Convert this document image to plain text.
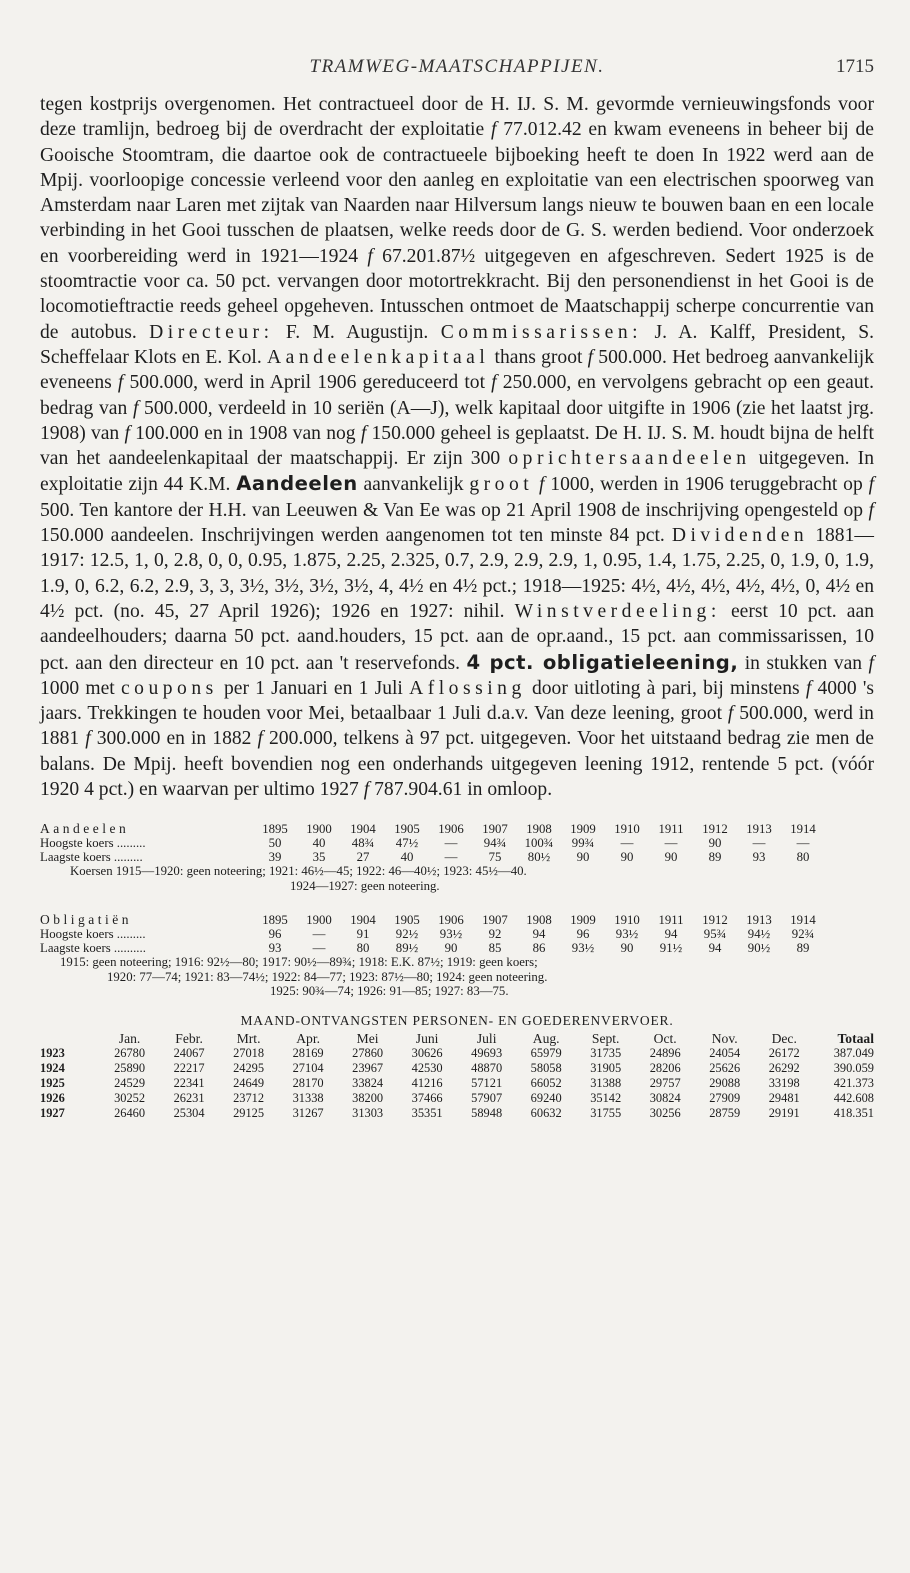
TRAMWEG-MAATSCHAPPIJEN.	1715
tegen kostprijs overgenomen. Het contractueel door de H. IJ. S. M. gevormde vernieuwingsfonds voor deze tramlijn, bedroeg bij de overdracht der exploitatie f 77.012.42 en kwam eveneens in beheer bij de Gooische Stoomtram, die daartoe ook de contractueele bijboeking heeft te doen In 1922 werd aan de Mpij. voorloopige concessie verleend voor den aanleg en exploitatie van een electrischen spoorweg van Amsterdam naar Laren met zijtak van Naarden naar Hilversum langs nieuw te bouwen baan en een locale verbinding in het Gooi tusschen de plaatsen, welke reeds door de G. S. werden bediend. Voor onderzoek en voorbereiding werd in 1921—1924 f 67.201.87½ uitgegeven en afgeschreven. Sedert 1925 is de stoomtractie voor ca. 50 pct. vervangen door motortrekkracht. Bij den personendienst in het Gooi is de locomotieftractie reeds geheel opgeheven. Intusschen ontmoet de Maatschappij scherpe concurrentie van de autobus. Directeur: F. M. Augustijn. Commissarissen: J. A. Kalff, President, S. Scheffelaar Klots en E. Kol. Aandeelenkapitaal thans groot f 500.000. Het bedroeg aanvankelijk eveneens f 500.000, werd in April 1906 gereduceerd tot f 250.000, en vervolgens gebracht op een geaut. bedrag van f 500.000, verdeeld in 10 seriën (A—J), welk kapitaal door uitgifte in 1906 (zie het laatst jrg. 1908) van f 100.000 en in 1908 van nog f 150.000 geheel is geplaatst. De H. IJ. S. M. houdt bijna de helft van het aandeelenkapitaal der maatschappij. Er zijn 300 oprichtersaandeelen uitgegeven. In exploitatie zijn 44 K.M. Aandeelen aanvankelijk groot f 1000, werden in 1906 teruggebracht op f 500. Ten kantore der H.H. van Leeuwen & Van Ee was op 21 April 1908 de inschrijving opengesteld op f 150.000 aandeelen. Inschrijvingen werden aangenomen tot ten minste 84 pct. Dividenden 1881—1917: 12.5, 1, 0, 2.8, 0, 0, 0.95, 1.875, 2.25, 2.325, 0.7, 2.9, 2.9, 2.9, 1, 0.95, 1.4, 1.75, 2.25, 0, 1.9, 0, 1.9, 1.9, 0, 6.2, 6.2, 2.9, 3, 3, 3½, 3½, 3½, 3½, 4, 4½ en 4½ pct.; 1918—1925: 4½, 4½, 4½, 4½, 4½, 0, 4½ en 4½ pct. (no. 45, 27 April 1926); 1926 en 1927: nihil. Winstverdeeling: eerst 10 pct. aan aandeelhouders; daarna 50 pct. aand.houders, 15 pct. aan de opr.aand., 15 pct. aan commissarissen, 10 pct. aan den directeur en 10 pct. aan 't reservefonds. 4 pct. obligatieleening, in stukken van f 1000 met coupons per 1 Januari en 1 Juli Aflossing door uitloting à pari, bij minstens f 4000 's jaars. Trekkingen te houden voor Mei, betaalbaar 1 Juli d.a.v. Van deze leening, groot f 500.000, werd in 1881 f 300.000 en in 1882 f 200.000, telkens à 97 pct. uitgegeven. Voor het uitstaand bedrag zie men de balans. De Mpij. heeft bovendien nog een onderhands uitgegeven leening 1912, rentende 5 pct. (vóór 1920 4 pct.) en waarvan per ultimo 1927 f 787.904.61 in omloop.
Aandeelen	1895	1900	1904	1905	1906	1907	1908	1909	1910	1911	1912	1913	1914
Hoogste koers .........	50	40	48¾	47½	—	94¾	100¾	99¾	—	—	90	—	—
Laagste koers .........	39	35	27	40	—	75	80½	90	90	90	89	93	80
Koersen 1915—1920: geen noteering; 1921: 46½—45; 1922: 46—40½; 1923: 45½—40.
1924—1927: geen noteering.
Obligatiën	1895	1900	1904	1905	1906	1907	1908	1909	1910	1911	1912	1913	1914
Hoogste koers .........	96	—	91	92½	93½	92	94	96	93½	94	95¾	94½	92¾
Laagste koers ..........	93	—	80	89½	90	85	86	93½	90	91½	94	90½	89
1915: geen noteering; 1916: 92½—80; 1917: 90½—89¾; 1918: E.K. 87½; 1919: geen koers;
1920: 77—74; 1921: 83—74½; 1922: 84—77; 1923: 87½—80; 1924: geen noteering.
1925: 90¾—74; 1926: 91—85; 1927: 83—75.
MAAND-ONTVANGSTEN PERSONEN- EN GOEDERENVERVOER.
	Jan.	Febr.	Mrt.	Apr.	Mei	Juni	Juli	Aug.	Sept.	Oct.	Nov.	Dec.	Totaal
1923	26780	24067	27018	28169	27860	30626	49693	65979	31735	24896	24054	26172	387.049
1924	25890	22217	24295	27104	23967	42530	48870	58058	31905	28206	25626	26292	390.059
1925	24529	22341	24649	28170	33824	41216	57121	66052	31388	29757	29088	33198	421.373
1926	30252	26231	23712	31338	38200	37466	57907	69240	35142	30824	27909	29481	442.608
1927	26460	25304	29125	31267	31303	35351	58948	60632	31755	30256	28759	29191	418.351
